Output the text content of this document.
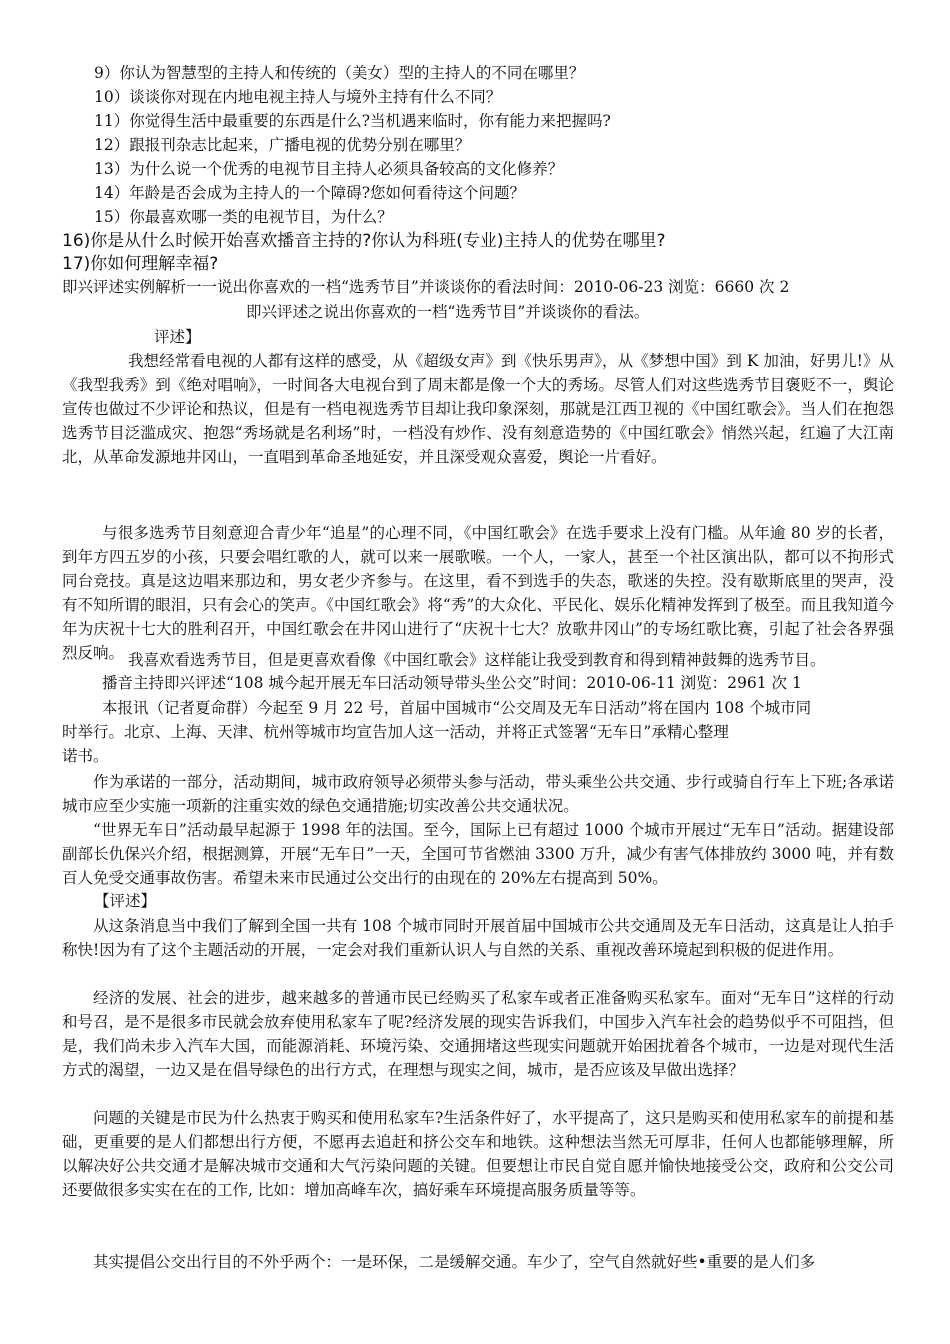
9）你认为智慧型的主持人和传统的（美女）型的主持人的不同在哪里？
10）谈谈你对现在内地电视主持人与境外主持有什么不同？
11）你觉得生活中最重要的东西是什么?当机遇来临时，你有能力来把握吗?
12）跟报刊杂志比起来，广播电视的优势分别在哪里？
13）为什么说一个优秀的电视节目主持人必须具备较高的文化修养？
14）年龄是否会成为主持人的一个障碍?您如何看待这个问题？
15）你最喜欢哪一类的电视节目，为什么？
16)你是从什么时候开始喜欢播音主持的?你认为科班(专业)主持人的优势在哪里?
17)你如何理解幸福?
即兴评述实例解析一一说出你喜欢的一档“选秀节目”并谈谈你的看法时间：2010-06-23 浏览：6660 次 2
即兴评述之说出你喜欢的一档“选秀节目”并谈谈你的看法。
评述】

我想经常看电视的人都有这样的感受，从《超级女声》到《快乐男声》，从《梦想中国》到 K 加油，好男儿!》从《我型我秀》到《绝对唱响》，一时间各大电视台到了周末都是像一个大的秀场。尽管人们对这些选秀节目褒贬不一，舆论宣传也做过不少评论和热议，但是有一档电视选秀节目却让我印象深刻，那就是江西卫视的《中国红歌会》。当人们在抱怨选秀节目泛滥成灾、抱怨“秀场就是名利场”时，一档没有炒作、没有刻意造势的《中国红歌会》悄然兴起，红遍了大江南北，从革命发源地井冈山，一直唱到革命圣地延安，并且深受观众喜爱，舆论一片看好。

与很多选秀节目刻意迎合青少年“追星”的心理不同，《中国红歌会》在选手要求上没有门槛。从年逾 80 岁的长者，到年方四五岁的小孩，只要会唱红歌的人，就可以来一展歌喉。一个人，一家人，甚至一个社区演出队，都可以不拘形式同台竞技。真是这边唱来那边和，男女老少齐参与。在这里，看不到选手的失态，歌迷的失控。没有歇斯底里的哭声，没有不知所谓的眼泪，只有会心的笑声。《中国红歌会》将“秀”的大众化、平民化、娱乐化精神发挥到了极至。而且我知道今年为庆祝十七大的胜利召开，中国红歌会在井冈山进行了“庆祝十七大？放歌井冈山”的专场红歌比赛，引起了社会各界强烈反响。 我喜欢看选秀节目，但是更喜欢看像《中国红歌会》这样能让我受到教育和得到精神鼓舞的选秀节目。

播音主持即兴评述“108 城今起开展无车曰活动领导带头坐公交”时间：2010-06-11 浏览：2961 次 1
本报讯（记者夏命群）今起至 9 月 22 号，首届中国城市“公交周及无车日活动”将在国内 108 个城市同
时举行。北京、上海、天津、杭州等城市均宣告加人这一活动，并将正式签署“无车日”承精心整理
诺书。

作为承诺的一部分，活动期间，城市政府领导必须带头参与活动，带头乘坐公共交通、步行或骑自行车上下班;各承诺城市应至少实施一项新的注重实效的绿色交通措施;切实改善公共交通状况。

“世界无车日”活动最早起源于 1998 年的法国。至今，国际上已有超过 1000 个城市开展过“无车日”活动。据建设部副部长仇保兴介绍，根据测算，开展“无车日”一天，全国可节省燃油 3300 万升，减少有害气体排放约 3000 吨，并有数百人免受交通事故伤害。希望未来市民通过公交出行的由现在的 20%左右提高到 50%。

【评述】

从这条消息当中我们了解到全国一共有 108 个城市同时开展首届中国城市公共交通周及无车日活动，这真是让人拍手称快!因为有了这个主题活动的开展，一定会对我们重新认识人与自然的关系、重视改善环境起到积极的促进作用。

经济的发展、社会的进步，越来越多的普通市民已经购买了私家车或者正准备购买私家车。面对“无车日”这样的行动和号召，是不是很多市民就会放弃使用私家车了呢?经济发展的现实告诉我们，中国步入汽车社会的趋势似乎不可阻挡，但是，我们尚未步入汽车大国，而能源消耗、环境污染、交通拥堵这些现实问题就开始困扰着各个城市，一边是对现代生活方式的渴望，一边又是在倡导绿色的出行方式，在理想与现实之间，城市，是否应该及早做出选择？

问题的关键是市民为什么热衷于购买和使用私家车?生活条件好了，水平提高了，这只是购买和使用私家车的前提和基础，更重要的是人们都想出行方便，不愿再去追赶和挤公交车和地铁。这种想法当然无可厚非，任何人也都能够理解，所以解决好公共交通才是解决城市交通和大气污染问题的关键。但要想让市民自觉自愿并愉快地接受公交，政府和公交公司还要做很多实实在在的工作, 比如：增加高峰车次，搞好乘车环境提高服务质量等等。

其实提倡公交出行目的不外乎两个：一是环保，二是缓解交通。车少了，空气自然就好些•重要的是人们多
